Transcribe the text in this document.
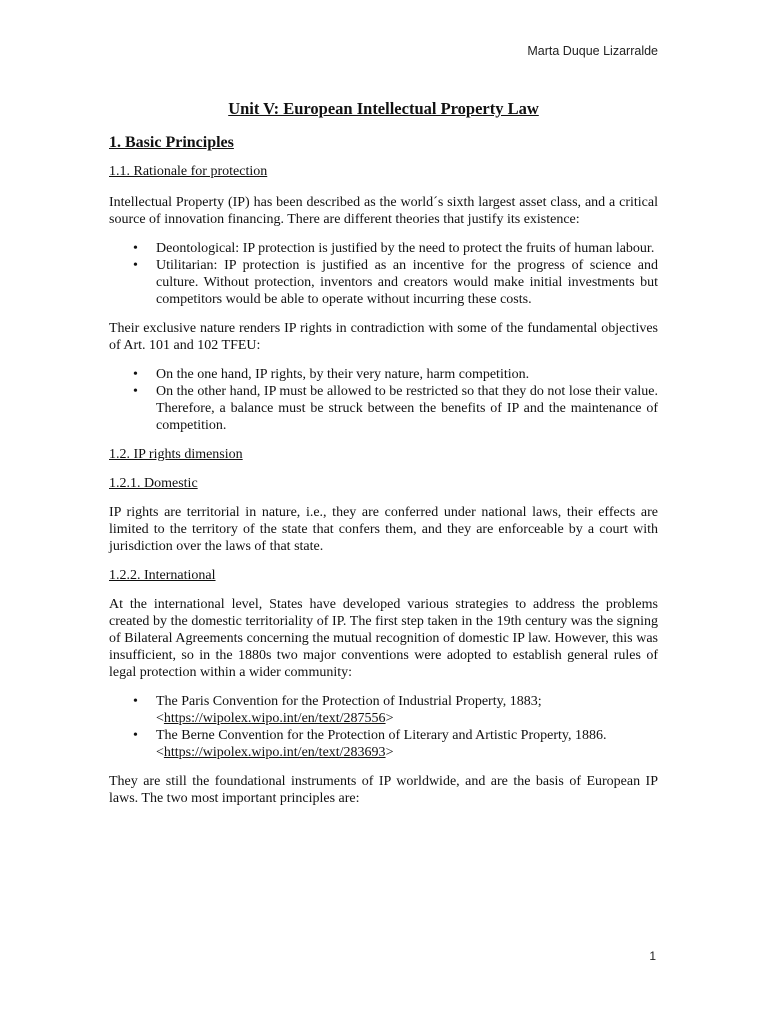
Marta Duque Lizarralde
Unit V: European Intellectual Property Law
1. Basic Principles
1.1. Rationale for protection

Intellectual Property (IP) has been described as the world´s sixth largest asset class, and a critical source of innovation financing. There are different theories that justify its existence:

• Deontological: IP protection is justified by the need to protect the fruits of human labour.
• Utilitarian: IP protection is justified as an incentive for the progress of science and culture. Without protection, inventors and creators would make initial investments but competitors would be able to operate without incurring these costs.

Their exclusive nature renders IP rights in contradiction with some of the fundamental objectives of Art. 101 and 102 TFEU:

• On the one hand, IP rights, by their very nature, harm competition.
• On the other hand, IP must be allowed to be restricted so that they do not lose their value. Therefore, a balance must be struck between the benefits of IP and the maintenance of competition.
1.2. IP rights dimension
1.2.1. Domestic

IP rights are territorial in nature, i.e., they are conferred under national laws, their effects are limited to the territory of the state that confers them, and they are enforceable by a court with jurisdiction over the laws of that state.

1.2.2. International

At the international level, States have developed various strategies to address the problems created by the domestic territoriality of IP. The first step taken in the 19th century was the signing of Bilateral Agreements concerning the mutual recognition of domestic IP law. However, this was insufficient, so in the 1880s two major conventions were adopted to establish general rules of legal protection within a wider community:

• The Paris Convention for the Protection of Industrial Property, 1883;
<https://wipolex.wipo.int/en/text/287556>
• The Berne Convention for the Protection of Literary and Artistic Property, 1886.
<https://wipolex.wipo.int/en/text/283693>

They are still the foundational instruments of IP worldwide, and are the basis of European IP laws. The two most important principles are:

1
